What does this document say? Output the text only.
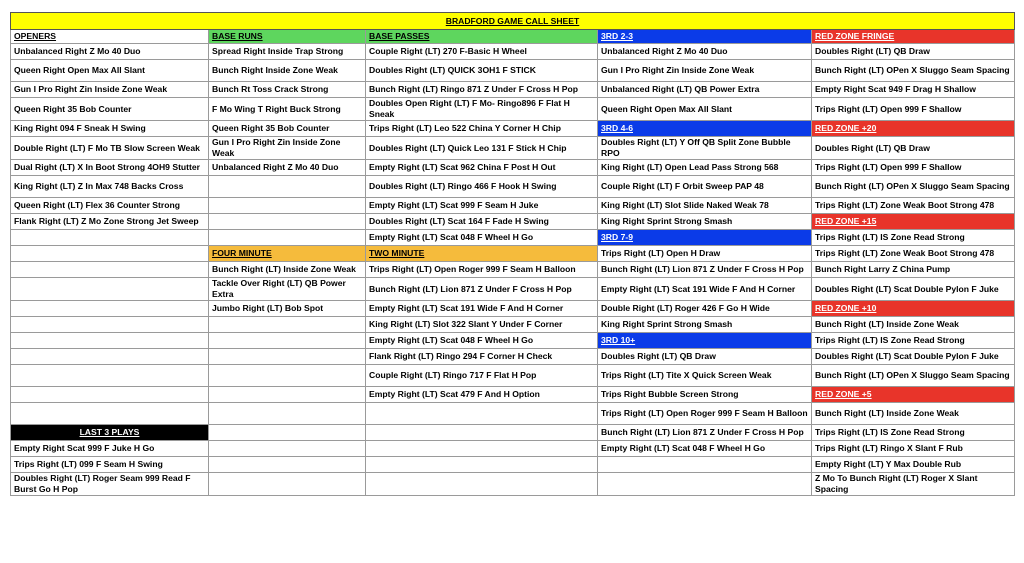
BRADFORD GAME CALL SHEET				
OPENERS	BASE RUNS	BASE PASSES	3RD 2-3	RED ZONE FRINGE
Unbalanced Right Z Mo 40 Duo	Spread Right Inside Trap Strong	Couple Right (LT) 270 F-Basic H Wheel	Unbalanced Right Z Mo 40 Duo	Doubles Right (LT) QB Draw
Queen Right Open Max All Slant	Bunch Right Inside Zone Weak	Doubles Right (LT) QUICK 3OH1 F STICK	Gun I Pro Right Zin Inside Zone Weak	Bunch Right (LT) OPen X Sluggo Seam Spacing
Gun I Pro Right Zin Inside Zone Weak	Bunch Rt Toss Crack Strong	Bunch Right (LT) Ringo 871 Z Under F Cross H Pop	Unbalanced Right (LT) QB Power Extra	Empty Right Scat 949 F Drag H Shallow
Queen Right 35 Bob Counter	F Mo Wing T Right Buck Strong	Doubles Open Right (LT) F Mo- Ringo896 F Flat H Sneak	Queen Right Open Max All Slant	Trips Right (LT) Open 999 F Shallow
King Right 094 F Sneak H Swing	Queen Right 35 Bob Counter	Trips Right (LT) Leo 522 China Y Corner H Chip	3RD 4-6	RED ZONE +20
Double Right (LT) F Mo TB Slow Screen Weak	Gun I Pro Right Zin Inside Zone Weak	Doubles Right (LT) Quick Leo 131 F Stick H Chip	Doubles Right (LT) Y Off QB Split Zone Bubble RPO	Doubles Right (LT) QB Draw
Dual Right (LT) X In Boot Strong 4OH9 Stutter	Unbalanced Right Z Mo 40 Duo	Empty Right (LT) Scat 962 China F Post H Out	King Right (LT) Open Lead Pass Strong 568	Trips Right (LT) Open 999 F Shallow
King Right (LT) Z In Max 748 Backs Cross		Doubles Right (LT) Ringo 466 F Hook H Swing	Couple Right (LT) F Orbit Sweep PAP 48	Bunch Right (LT) OPen X Sluggo Seam Spacing
Queen Right (LT) Flex 36 Counter Strong		Empty Right (LT) Scat 999 F Seam H Juke	King Right (LT) Slot Slide Naked Weak 78	Trips Right (LT) Zone Weak Boot Strong 478
Flank Right (LT) Z Mo Zone Strong Jet Sweep		Doubles Right (LT) Scat 164 F Fade H Swing	King Right Sprint Strong Smash	RED ZONE +15
		Empty Right (LT) Scat 048 F Wheel H Go	3RD 7-9	Trips Right (LT) IS Zone Read Strong
	FOUR MINUTE	TWO MINUTE	Trips Right (LT) Open H Draw	Trips Right (LT) Zone Weak Boot Strong 478
	Bunch Right (LT) Inside Zone Weak	Trips Right (LT) Open Roger 999 F Seam H Balloon	Bunch Right (LT) Lion 871 Z Under F Cross H Pop	Bunch Right Larry Z China Pump
	Tackle Over Right (LT) QB Power Extra	Bunch Right (LT) Lion 871 Z Under F Cross H Pop	Empty Right (LT) Scat 191 Wide F And H Corner	Doubles Right (LT) Scat Double Pylon F Juke
	Jumbo Right (LT) Bob Spot	Empty Right (LT) Scat 191 Wide F And H Corner	Double Right (LT) Roger 426 F Go H Wide	RED ZONE +10
		King Right (LT) Slot 322 Slant Y Under F Corner	King Right Sprint Strong Smash	Bunch Right (LT) Inside Zone Weak
		Empty Right (LT) Scat 048 F Wheel H Go	3RD 10+	Trips Right (LT) IS Zone Read Strong
		Flank Right (LT) Ringo 294 F Corner H Check	Doubles Right (LT) QB Draw	Doubles Right (LT) Scat Double Pylon F Juke
		Couple Right (LT) Ringo 717 F Flat H Pop	Trips Right (LT) Tite X Quick Screen Weak	Bunch Right (LT) OPen X Sluggo Seam Spacing
		Empty Right (LT) Scat 479 F And H Option	Trips Right Bubble Screen Strong	RED ZONE +5
			Trips Right (LT) Open Roger 999 F Seam H Balloon	Bunch Right (LT) Inside Zone Weak
LAST 3 PLAYS			Bunch Right (LT) Lion 871 Z Under F Cross H Pop	Trips Right (LT) IS Zone Read Strong
Empty Right Scat 999 F Juke H Go			Empty Right (LT) Scat 048 F Wheel H Go	Trips Right (LT) Ringo X Slant F Rub
Trips Right (LT) 099 F Seam H Swing				Empty Right (LT) Y Max Double Rub
Doubles Right (LT) Roger Seam 999 Read F Burst Go H Pop				Z Mo To Bunch Right (LT) Roger X Slant Spacing
